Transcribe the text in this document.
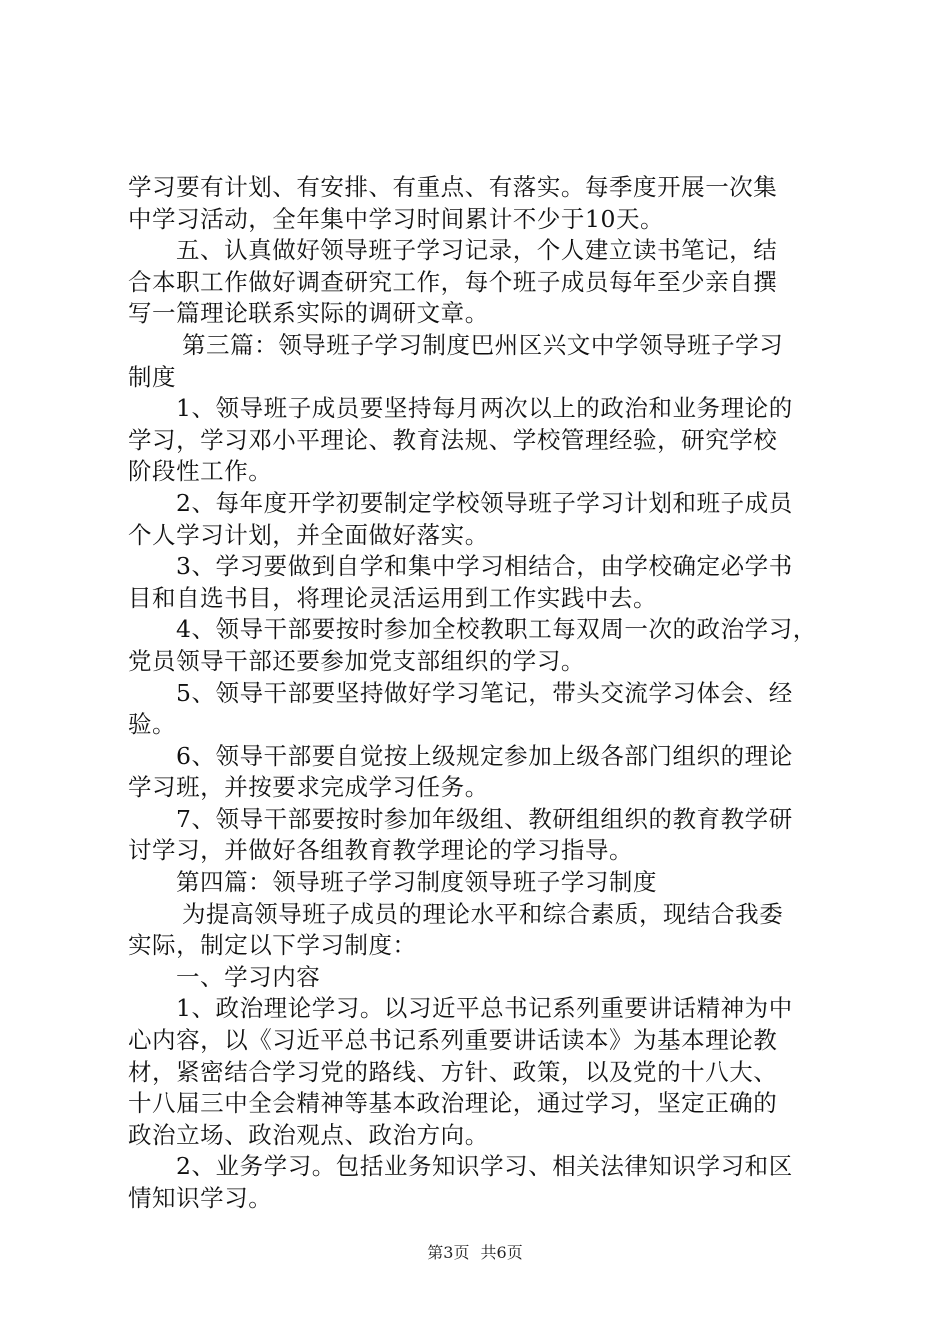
学习要有计划、有安排、有重点、有落实。每季度开展一次集
中学习活动，全年集中学习时间累计不少于10天。
五、认真做好领导班子学习记录，个人建立读书笔记，结
合本职工作做好调查研究工作，每个班子成员每年至少亲自撰
写一篇理论联系实际的调研文章。
第三篇：领导班子学习制度巴州区兴文中学领导班子学习
制度
1、领导班子成员要坚持每月两次以上的政治和业务理论的
学习，学习邓小平理论、教育法规、学校管理经验，研究学校
阶段性工作。
2、每年度开学初要制定学校领导班子学习计划和班子成员
个人学习计划，并全面做好落实。
3、学习要做到自学和集中学习相结合，由学校确定必学书
目和自选书目，将理论灵活运用到工作实践中去。
4、领导干部要按时参加全校教职工每双周一次的政治学习，
党员领导干部还要参加党支部组织的学习。
5、领导干部要坚持做好学习笔记，带头交流学习体会、经
验。
6、领导干部要自觉按上级规定参加上级各部门组织的理论
学习班，并按要求完成学习任务。
7、领导干部要按时参加年级组、教研组组织的教育教学研
讨学习，并做好各组教育教学理论的学习指导。
第四篇：领导班子学习制度领导班子学习制度
为提高领导班子成员的理论水平和综合素质，现结合我委
实际，制定以下学习制度：
一、学习内容
1、政治理论学习。以习近平总书记系列重要讲话精神为中
心内容，以《习近平总书记系列重要讲话读本》为基本理论教
材，紧密结合学习党的路线、方针、政策，以及党的十八大、
十八届三中全会精神等基本政治理论，通过学习，坚定正确的
政治立场、政治观点、政治方向。
2、业务学习。包括业务知识学习、相关法律知识学习和区
情知识学习。
第3页 共6页
